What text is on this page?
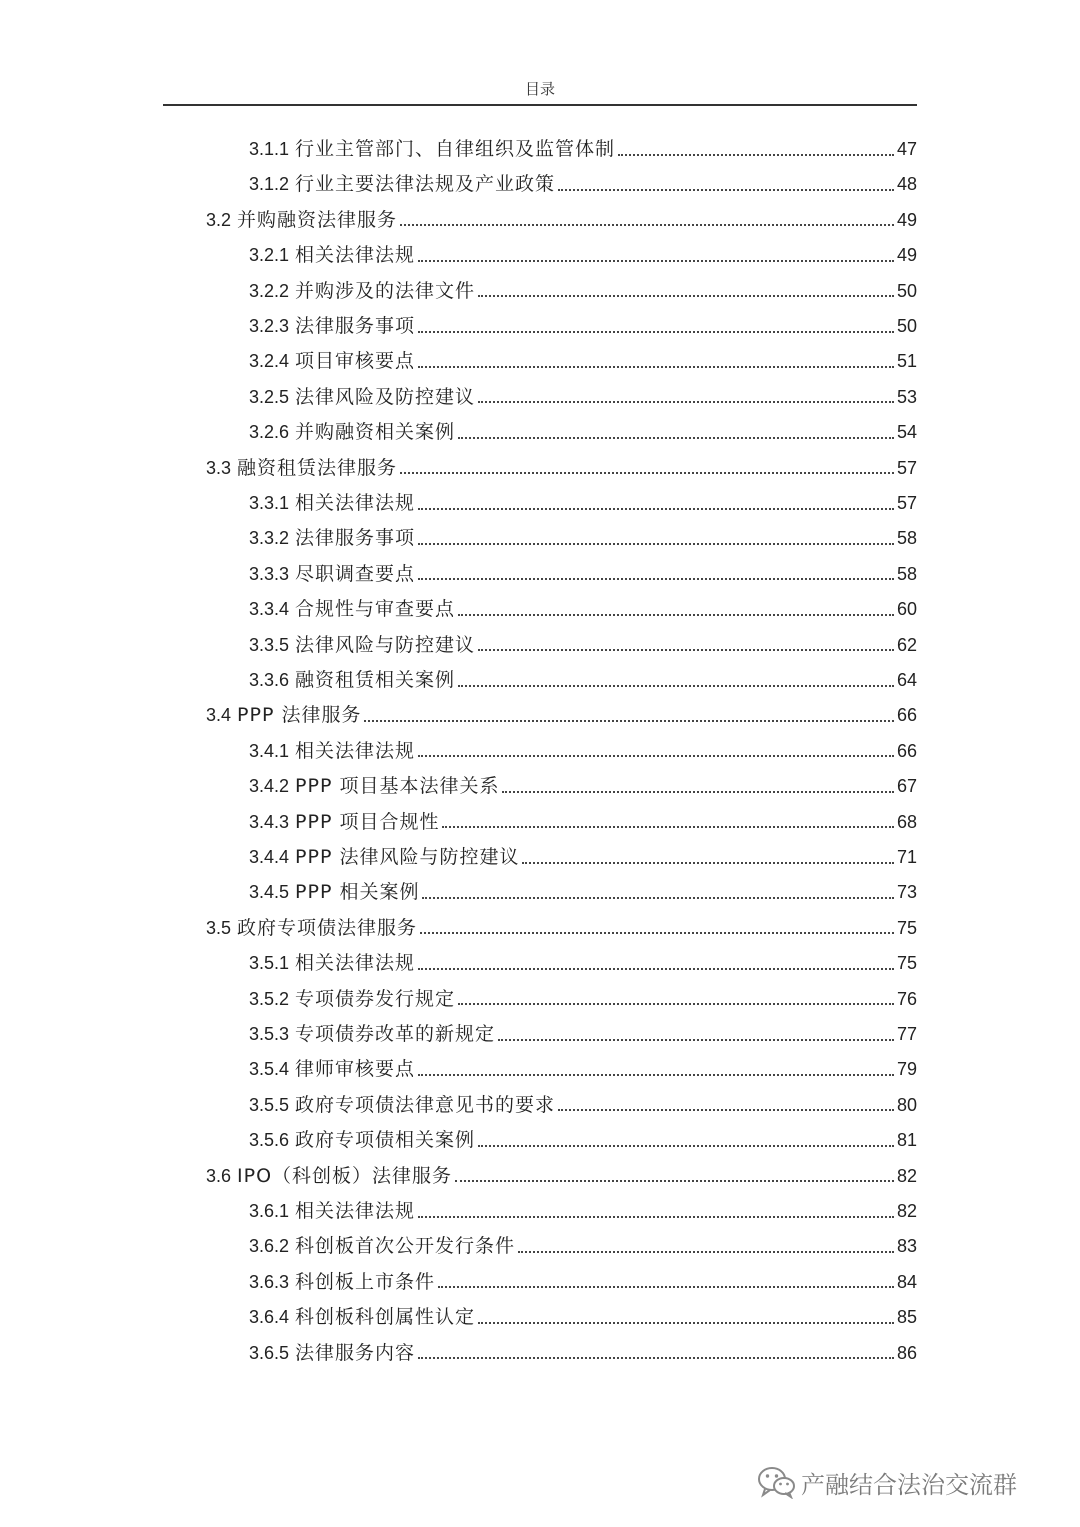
目录
3.1.1 行业主管部门、自律组织及监管体制	47
3.1.2 行业主要法律法规及产业政策	48
3.2 并购融资法律服务	49
3.2.1 相关法律法规	49
3.2.2 并购涉及的法律文件	50
3.2.3 法律服务事项	50
3.2.4 项目审核要点	51
3.2.5 法律风险及防控建议	53
3.2.6 并购融资相关案例	54
3.3 融资租赁法律服务	57
3.3.1 相关法律法规	57
3.3.2 法律服务事项	58
3.3.3 尽职调查要点	58
3.3.4 合规性与审查要点	60
3.3.5 法律风险与防控建议	62
3.3.6 融资租赁相关案例	64
3.4 PPP 法律服务	66
3.4.1 相关法律法规	66
3.4.2 PPP 项目基本法律关系	67
3.4.3 PPP 项目合规性	68
3.4.4 PPP 法律风险与防控建议	71
3.4.5 PPP 相关案例	73
3.5 政府专项债法律服务	75
3.5.1 相关法律法规	75
3.5.2 专项债券发行规定	76
3.5.3 专项债券改革的新规定	77
3.5.4 律师审核要点	79
3.5.5 政府专项债法律意见书的要求	80
3.5.6 政府专项债相关案例	81
3.6 IPO（科创板）法律服务	82
3.6.1 相关法律法规	82
3.6.2 科创板首次公开发行条件	83
3.6.3 科创板上市条件	84
3.6.4 科创板科创属性认定	85
3.6.5 法律服务内容	86
产融结合法治交流群
